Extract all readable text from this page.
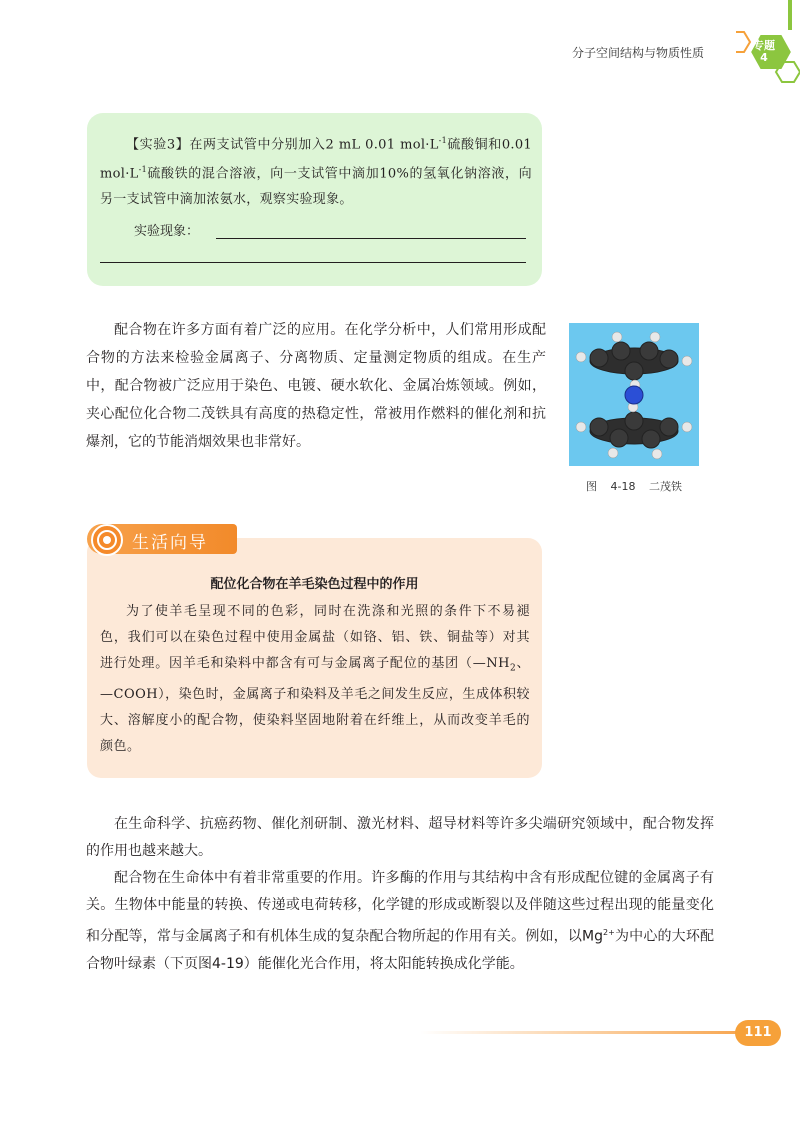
分子空间结构与物质性质
专题
4

【实验3】在两支试管中分别加入2 mL 0.01 $mol\cdot L^{-1}$硫酸铜和0.01 $mol\cdot L^{-1}$硫酸铁的混合溶液，向一支试管中滴加10%的氢氧化钠溶液，向另一支试管中滴加浓氨水，观察实验现象。

实验现象：

配合物在许多方面有着广泛的应用。在化学分析中，人们常用形成配合物的方法来检验金属离子、分离物质、定量测定物质的组成。在生产中，配合物被广泛应用于染色、电镀、硬水软化、金属冶炼领域。例如，夹心配位化合物二茂铁具有高度的热稳定性，常被用作燃料的催化剂和抗爆剂，它的节能消烟效果也非常好。

图 4-18 二茂铁
生活向导
配位化合物在羊毛染色过程中的作用

为了使羊毛呈现不同的色彩，同时在洗涤和光照的条件下不易褪色，我们可以在染色过程中使用金属盐（如铬、铝、铁、铜盐等）对其进行处理。因羊毛和染料中都含有可与金属离子配位的基团（$—NH_2$、—COOH），染色时，金属离子和染料及羊毛之间发生反应，生成体积较大、溶解度小的配合物，使染料坚固地附着在纤维上，从而改变羊毛的颜色。

在生命科学、抗癌药物、催化剂研制、激光材料、超导材料等许多尖端研究领域中，配合物发挥的作用也越来越大。

配合物在生命体中有着非常重要的作用。许多酶的作用与其结构中含有形成配位键的金属离子有关。生物体中能量的转换、传递或电荷转移，化学键的形成或断裂以及伴随这些过程出现的能量变化和分配等，常与金属离子和有机体生成的复杂配合物所起的作用有关。例如，以$Mg^{2+}$为中心的大环配合物叶绿素（下页图4-19）能催化光合作用，将太阳能转换成化学能。

111
